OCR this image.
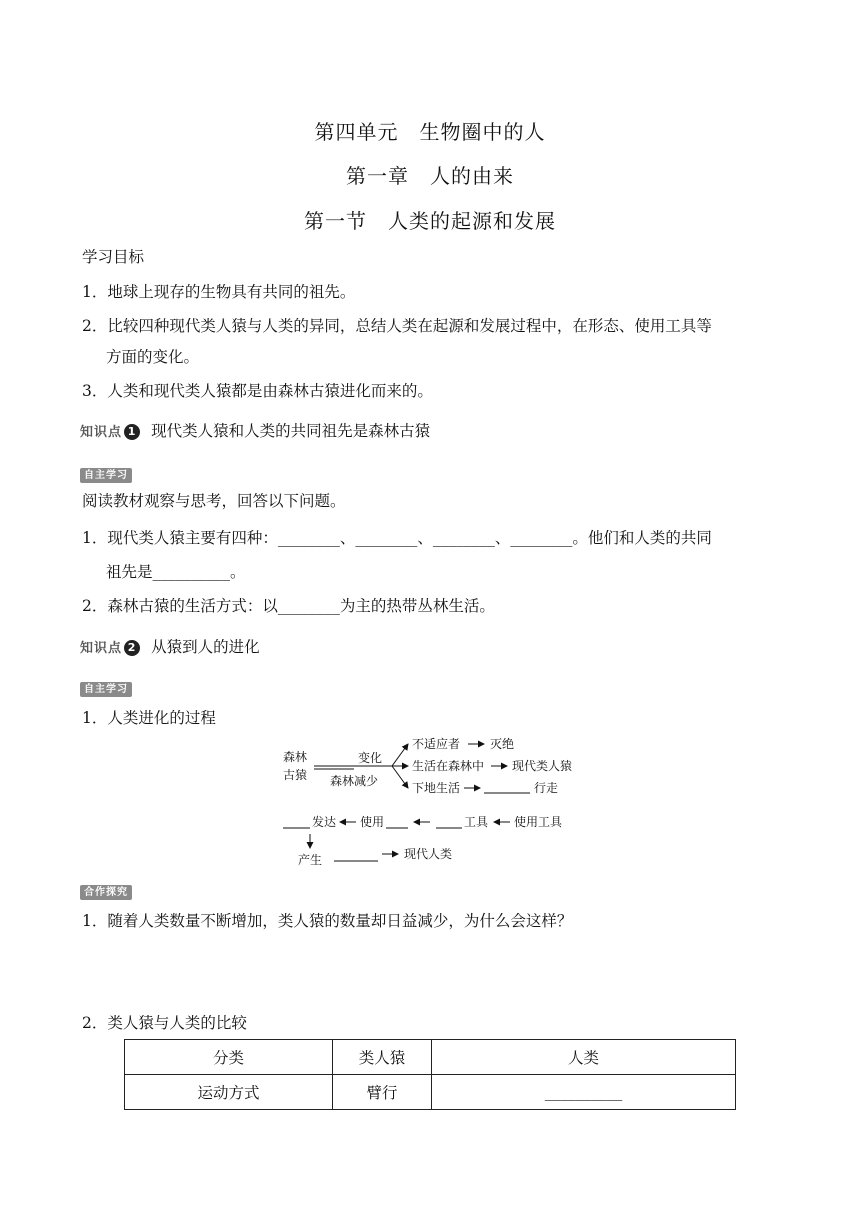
第四单元　生物圈中的人
第一章　人的由来
第一节　人类的起源和发展
学习目标
1．地球上现存的生物具有共同的祖先。
2．比较四种现代类人猿与人类的异同，总结人类在起源和发展过程中，在形态、使用工具等
方面的变化。
3．人类和现代类人猿都是由森林古猿进化而来的。
知识点 1 现代类人猿和人类的共同祖先是森林古猿
自主学习
阅读教材观察与思考，回答以下问题。
1．现代类人猿主要有四种：________、________、________、________。他们和人类的共同
祖先是__________。
2．森林古猿的生活方式：以________为主的热带丛林生活。
知识点 2 从猿到人的进化
自主学习
1．人类进化的过程
森林
古猿
变化
森林减少
不适应者 灭绝
生活在森林中 现代类人猿
下地生活	行走
发达 使用	工具 使用工具
产生	现代人类
合作探究
1．随着人类数量不断增加，类人猿的数量却日益减少，为什么会这样？
2．类人猿与人类的比较
分类	类人猿	人类
运动方式	臂行	__________
